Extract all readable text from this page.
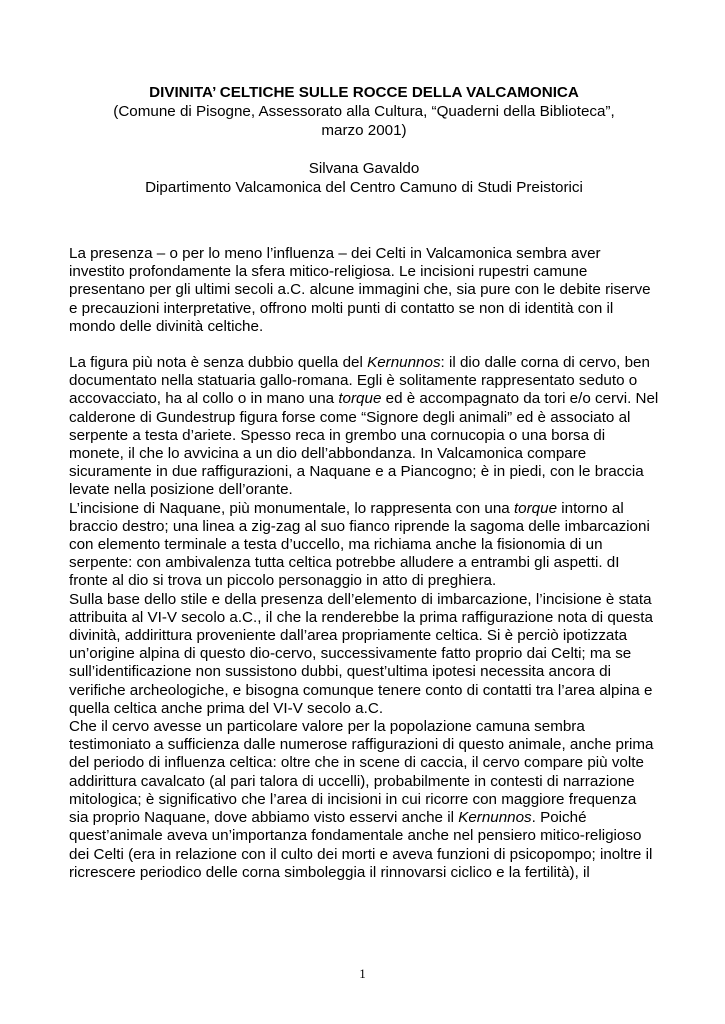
DIVINITA’ CELTICHE SULLE ROCCE DELLA VALCAMONICA

(Comune di Pisogne, Assessorato alla Cultura, “Quaderni della Biblioteca”,

marzo 2001)

Silvana Gavaldo

Dipartimento Valcamonica del Centro Camuno di Studi Preistorici

La presenza – o per lo meno l’influenza – dei Celti in Valcamonica sembra aver investito profondamente la sfera mitico-religiosa. Le incisioni rupestri camune presentano per gli ultimi secoli a.C. alcune immagini che, sia pure con le debite riserve e precauzioni interpretative, offrono molti punti di contatto se non di identità con il mondo delle divinità celtiche.

La figura più nota è senza dubbio quella del Kernunnos: il dio dalle corna di cervo, ben documentato nella statuaria gallo-romana. Egli è solitamente rappresentato seduto o accovacciato, ha al collo o in mano una torque ed è accompagnato da tori e/o cervi. Nel calderone di Gundestrup figura forse come “Signore degli animali” ed è associato al serpente a testa d’ariete. Spesso reca in grembo una cornucopia o una borsa di monete, il che lo avvicina a un dio dell’abbondanza. In Valcamonica compare sicuramente in due raffigurazioni, a Naquane e a Piancogno; è in piedi, con le braccia levate nella posizione dell’orante.

L’incisione di Naquane, più monumentale, lo rappresenta con una torque intorno al braccio destro; una linea a zig-zag al suo fianco riprende la sagoma delle imbarcazioni con elemento terminale a testa d’uccello, ma richiama anche la fisionomia di un serpente: con ambivalenza tutta celtica potrebbe alludere a entrambi gli aspetti. dI fronte al dio si trova un piccolo personaggio in atto di preghiera.

Sulla base dello stile e della presenza dell’elemento di imbarcazione, l’incisione è stata attribuita al VI-V secolo a.C., il che la renderebbe la prima raffigurazione nota di questa divinità, addirittura proveniente dall’area propriamente celtica. Si è perciò ipotizzata un’origine alpina di questo dio-cervo, successivamente fatto proprio dai Celti; ma se sull’identificazione non sussistono dubbi, quest’ultima ipotesi necessita ancora di verifiche archeologiche, e bisogna comunque tenere conto di contatti tra l’area alpina e quella celtica anche prima del VI-V secolo a.C.

Che il cervo avesse un particolare valore per la popolazione camuna sembra testimoniato a sufficienza dalle numerose raffigurazioni di questo animale, anche prima del periodo di influenza celtica: oltre che in scene di caccia, il cervo compare più volte addirittura cavalcato (al pari talora di uccelli), probabilmente in contesti di narrazione mitologica; è significativo che l’area di incisioni in cui ricorre con maggiore frequenza sia proprio Naquane, dove abbiamo visto esservi anche il Kernunnos. Poiché quest’animale aveva un’importanza fondamentale anche nel pensiero mitico-religioso dei Celti (era in relazione con il culto dei morti e aveva funzioni di psicopompo; inoltre il ricrescere periodico delle corna simboleggia il rinnovarsi ciclico e la fertilità), il

1
